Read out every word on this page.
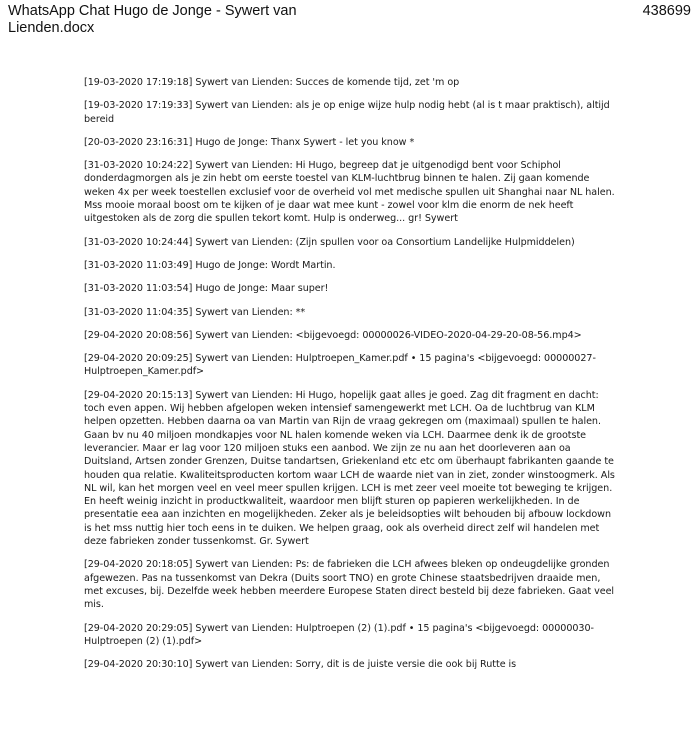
WhatsApp Chat Hugo de Jonge - Sywert van Lienden.docx
438699

[19-03-2020 17:19:18] Sywert van Lienden: Succes de komende tijd, zet 'm op

[19-03-2020 17:19:33] Sywert van Lienden: als je op enige wijze hulp nodig hebt (al is t maar praktisch), altijd bereid

[20-03-2020 23:16:31] Hugo de Jonge: Thanx Sywert - let you know *

[31-03-2020 10:24:22] Sywert van Lienden: Hi Hugo, begreep dat je uitgenodigd bent voor Schiphol donderdagmorgen als je zin hebt om eerste toestel van KLM-luchtbrug binnen te halen. Zij gaan komende weken 4x per week toestellen exclusief voor de overheid vol met medische spullen uit Shanghai naar NL halen. Mss mooie moraal boost om te kijken of je daar wat mee kunt - zowel voor klm die enorm de nek heeft uitgestoken als de zorg die spullen tekort komt. Hulp is onderweg... gr! Sywert

[31-03-2020 10:24:44] Sywert van Lienden: (Zijn spullen voor oa Consortium Landelijke Hulpmiddelen)

[31-03-2020 11:03:49] Hugo de Jonge: Wordt Martin.

[31-03-2020 11:03:54] Hugo de Jonge: Maar super!

[31-03-2020 11:04:35] Sywert van Lienden: **

[29-04-2020 20:08:56] Sywert van Lienden: <bijgevoegd: 00000026-VIDEO-2020-04-29-20-08-56.mp4>

[29-04-2020 20:09:25] Sywert van Lienden: Hulptroepen_Kamer.pdf • 15 pagina's <bijgevoegd: 00000027-Hulptroepen_Kamer.pdf>

[29-04-2020 20:15:13] Sywert van Lienden: Hi Hugo, hopelijk gaat alles je goed. Zag dit fragment en dacht: toch even appen. Wij hebben afgelopen weken intensief samengewerkt met LCH. Oa de luchtbrug van KLM helpen opzetten. Hebben daarna oa van Martin van Rijn de vraag gekregen om (maximaal) spullen te halen. Gaan bv nu 40 miljoen mondkapjes voor NL halen komende weken via LCH. Daarmee denk ik de grootste leverancier. Maar er lag voor 120 miljoen stuks een aanbod. We zijn ze nu aan het doorleveren aan oa Duitsland, Artsen zonder Grenzen, Duitse tandartsen, Griekenland etc etc om überhaupt fabrikanten gaande te houden qua relatie. Kwaliteitsproducten kortom waar LCH de waarde niet van in ziet, zonder winstoogmerk. Als NL wil, kan het morgen veel en veel meer spullen krijgen. LCH is met zeer veel moeite tot beweging te krijgen. En heeft weinig inzicht in productkwaliteit, waardoor men blijft sturen op papieren werkelijkheden. In de presentatie eea aan inzichten en mogelijkheden. Zeker als je beleidsopties wilt behouden bij afbouw lockdown is het mss nuttig hier toch eens in te duiken. We helpen graag, ook als overheid direct zelf wil handelen met deze fabrieken zonder tussenkomst. Gr. Sywert

[29-04-2020 20:18:05] Sywert van Lienden: Ps: de fabrieken die LCH afwees bleken op ondeugdelijke gronden afgewezen. Pas na tussenkomst van Dekra (Duits soort TNO) en grote Chinese staatsbedrijven draaide men, met excuses, bij. Dezelfde week hebben meerdere Europese Staten direct besteld bij deze fabrieken. Gaat veel mis.

[29-04-2020 20:29:05] Sywert van Lienden: Hulptroepen (2) (1).pdf • 15 pagina's <bijgevoegd: 00000030-Hulptroepen (2) (1).pdf>

[29-04-2020 20:30:10] Sywert van Lienden: Sorry, dit is de juiste versie die ook bij Rutte is
